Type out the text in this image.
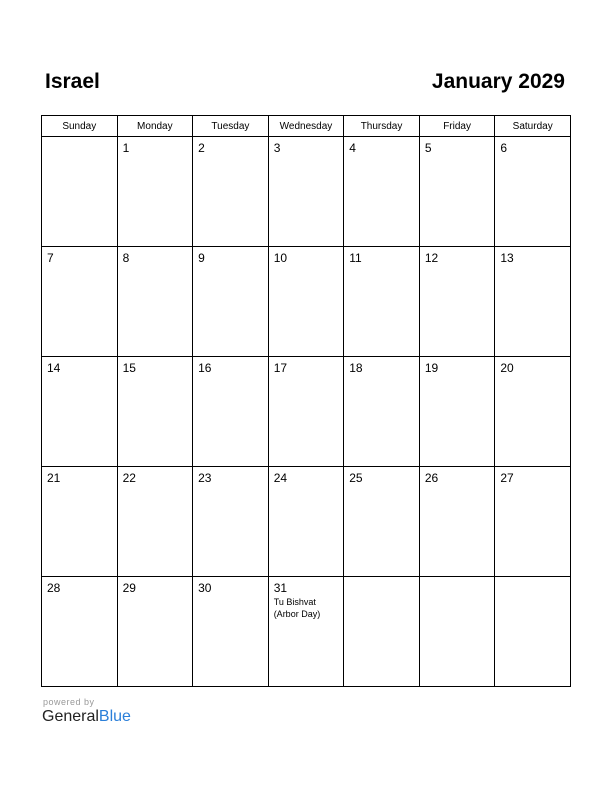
Israel	January 2029
Sunday	Monday	Tuesday	Wednesday	Thursday	Friday	Saturday

	1	2	3	4	5	6

7	8	9	10	11	12	13

14	15	16	17	18	19	20

21	22	23	24	25	26	27

28	29	30	31
Tu Bishvat
(Arbor Day)			

powered by
GeneralBlue
